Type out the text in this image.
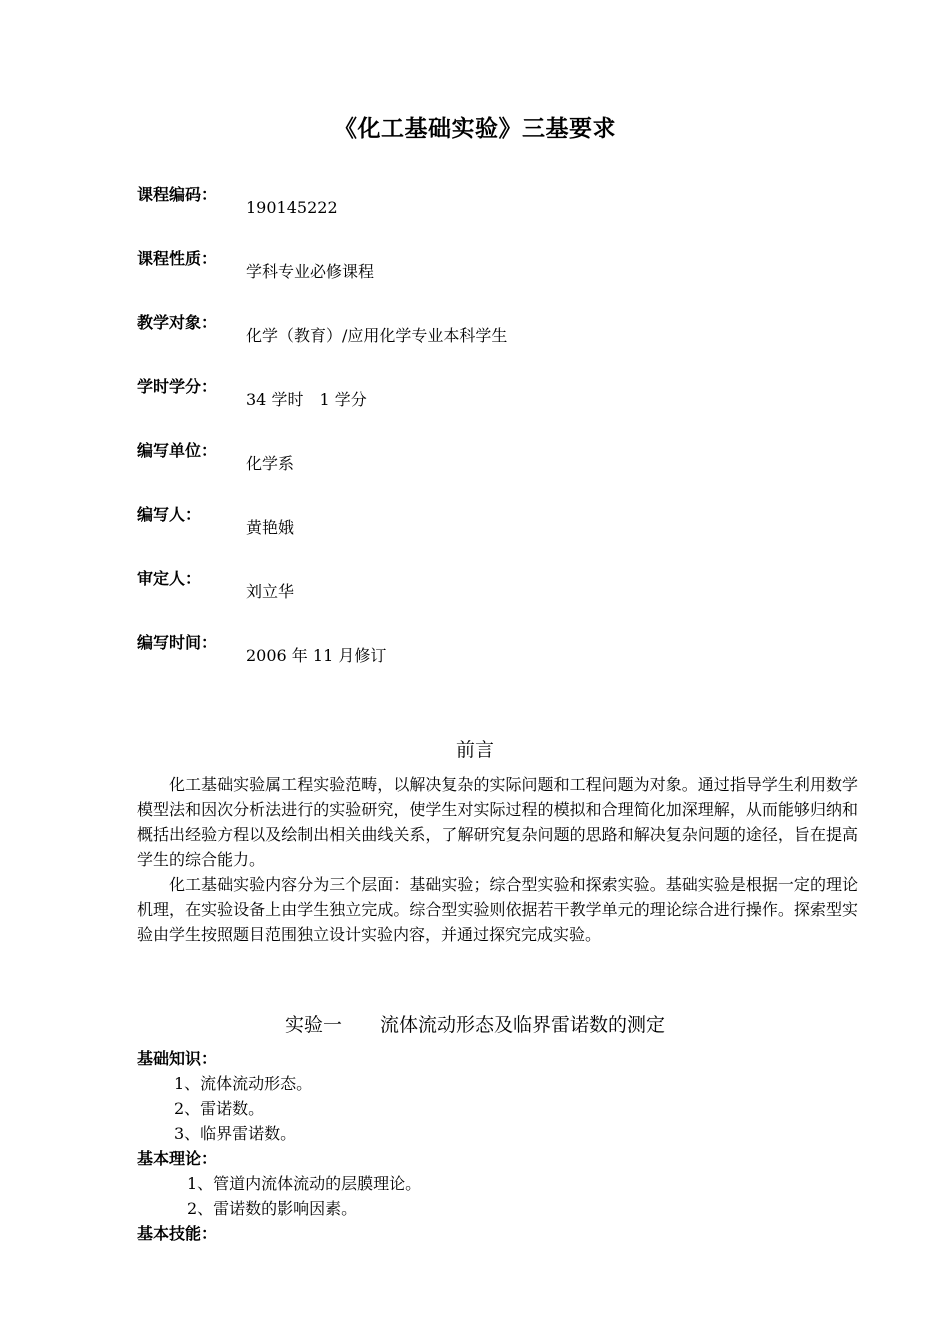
《化工基础实验》三基要求
课程编码：
190145222
课程性质：
学科专业必修课程
教学对象：
化学（教育）/应用化学专业本科学生
学时学分：
34 学时　1 学分
编写单位：
化学系
编写人：
黄艳娥
审定人：
刘立华
编写时间：
2006 年 11 月修订
前言

化工基础实验属工程实验范畴，以解决复杂的实际问题和工程问题为对象。通过指导学生利用数学模型法和因次分析法进行的实验研究，使学生对实际过程的模拟和合理简化加深理解，从而能够归纳和概括出经验方程以及绘制出相关曲线关系，了解研究复杂问题的思路和解决复杂问题的途径，旨在提高学生的综合能力。

化工基础实验内容分为三个层面：基础实验；综合型实验和探索实验。基础实验是根据一定的理论机理，在实验设备上由学生独立完成。综合型实验则依据若干教学单元的理论综合进行操作。探索型实验由学生按照题目范围独立设计实验内容，并通过探究完成实验。

实验一　　流体流动形态及临界雷诺数的测定

基础知识：

1、流体流动形态。

2、雷诺数。

3、临界雷诺数。

基本理论：

1、管道内流体流动的层膜理论。

2、雷诺数的影响因素。

基本技能：
